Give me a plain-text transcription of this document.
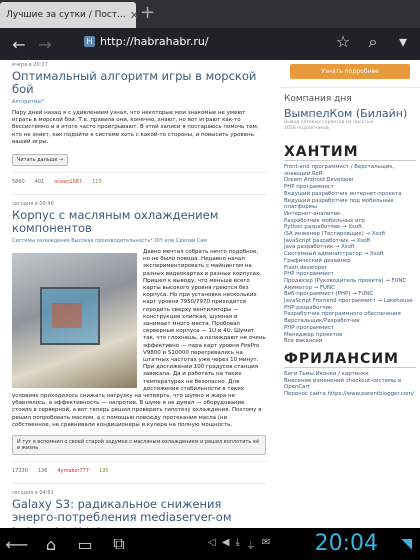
Лучшие за сутки / Пост... ✕ +
← →	H http://habrahabr.ru/	☆	⌕	▾
вчера в 20:27
Оптимальный алгоритм игры в морской бой
Алгоритмы*
Пару дней назад я с удивлением узнал, что некоторые мои знакомые не умеют играть в морской бой. Т.е. правила они, конечно, знают, но вот играют как-то бессистемно и в итоге часто проигрывают. В этой записи я постараюсь помочь тем, кто не знает, как подойти к системе хоть с какой-то стороны, и повысить уровень вашей игры.
Читать дальше →
5860 401 ocean1087 115
сегодня в 00:46
Корпус с масляным охлаждением компонентов
Системы охлаждения Высокая производительность* DIY или Сделай Сам
Давно мечтал собрать нечто подобное, но не было повода. Недавно начал экспериментировать с майнингом на разных видеокартах в разных корпусах. Пришел к выводу, что меньше всего карты высокого уровня греются без корпуса. Но при установке нескольких карт уровня 7950/7970 приходится городить сверху вентиляторы — конструкция хлипкая, шумная и занимает много места. Пробовал серверные корпуса — 1U и 4U. Шумит так, что глохнешь, а охлаждают не очень эффективно — пара карт уровня FirePro V9800 и S10000 перегревались на штатных частотах уже через 10 минут. При достижении 100 градусов станция зависала. Да и работать на таких температурах не безопасно. Для достижения стабильности в таких условиях приходилось снижать нагрузку на четверть, что шумно и жара не убавлялось, а эффективность — напротив. В шуме я не думал — оборудование стояло в серверной, а вот теперь решил проверить гипотезу охлаждения. Поэтому я решил попробовать маслом, а с помощью повсюду протекания масла (ни собственное, не сравнивали кондиционеры и кулера на полную мощность.
И тут я вспомнил о своей старой задумке с масляным охлаждением и решил воплотить её в жизнь
17330 136 4ymaker777 195
сегодня в 04:51
Galaxy S3: радикальное снижения энерго-потребления mediaserver-ом
Узнать подробнее
Компания дня
ВымпелКом (Билайн)
Вывод сетевых сервисов на простые
2058 подписчиков
ХАНТИМ
Front-end программист / Верстальщик, знающий RoR
Dream Android Developer
PHP программист
Ведущий разработчик интернет-проекта
Ведущий разработчик под мобильные платформы
Интернет-аналитик
Разработчик мобильных игр
Python разработчик → Xsoft
iSA инженер (Тестировщик) → Xsoft
JavaScript разработчик → Xsoft
Java разработчик → Xsoft
Системный администратор → Xsoft
Графический дизайнер
Flash developer
PHP программист
Продюсер (Руководитель проекта) → FUNC
Аниматор → FUNC
Веб-программист (PHP) → FUNC
JavaScript Frontend программист → Lakehouse
PHP разработчик
Разработчик программного обеспечения
Верстальщик/Разработчик
PHP программист
Менеджер проектов
Все вакансии
ФРИЛАНСИМ
Беги Тьмы Иконки / картинки
Внесение изменений checkout-системы в OpenCart
Перенос сайта https://www.parentblogger.com/
⟵	⌂	▭	⧉	◁ ◀ ⤓ ⏚ ✉ 20:04 ◥
